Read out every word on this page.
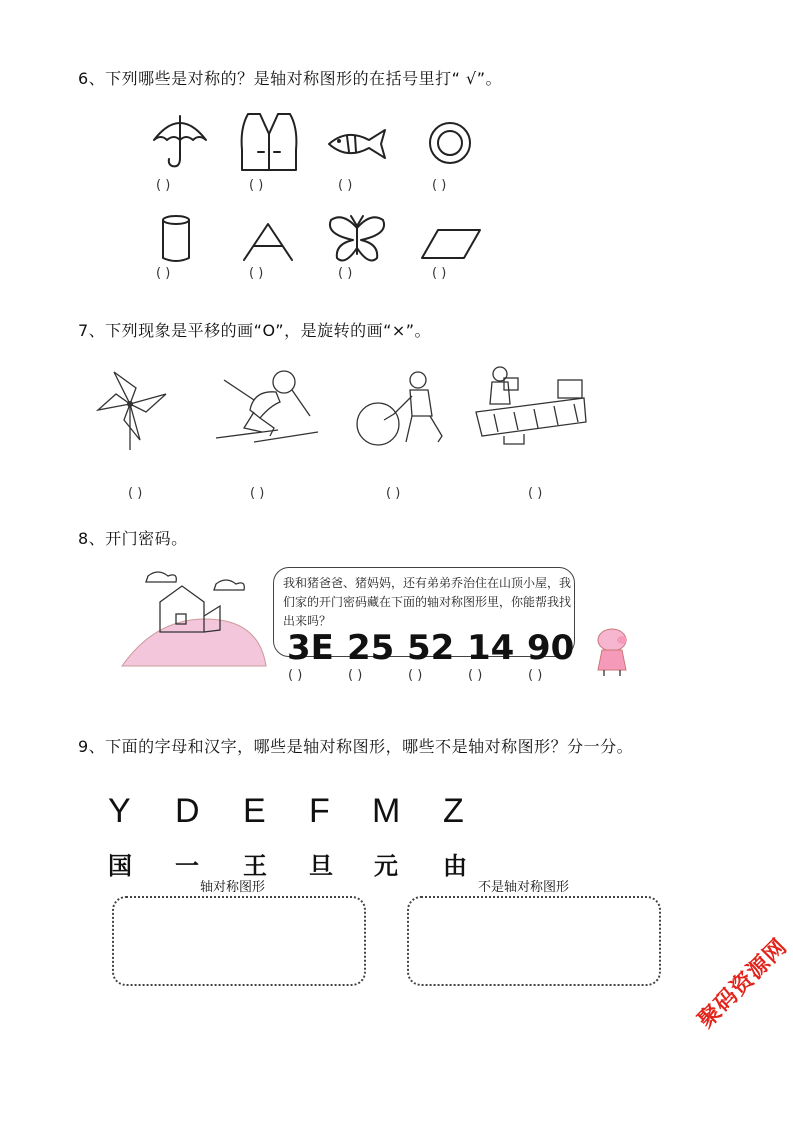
6、下列哪些是对称的？是轴对称图形的在括号里打“ √”。
( )	( )	( )	( )
( )	( )	( )	( )
7、下列现象是平移的画“O”，是旋转的画“×”。
( )	( )	( )	( )
8、开门密码。
我和猪爸爸、猪妈妈，还有弟弟乔治住在山顶小屋，我们家的开门密码藏在下面的轴对称图形里，你能帮我找出来吗？
3E 25 52 14 90
( )	( )	( )	( )	( )
9、下面的字母和汉字，哪些是轴对称图形，哪些不是轴对称图形？分一分。
Y D E F M Z
国 一 王 旦 元 由
轴对称图形	不是轴对称图形
聚码资源网
